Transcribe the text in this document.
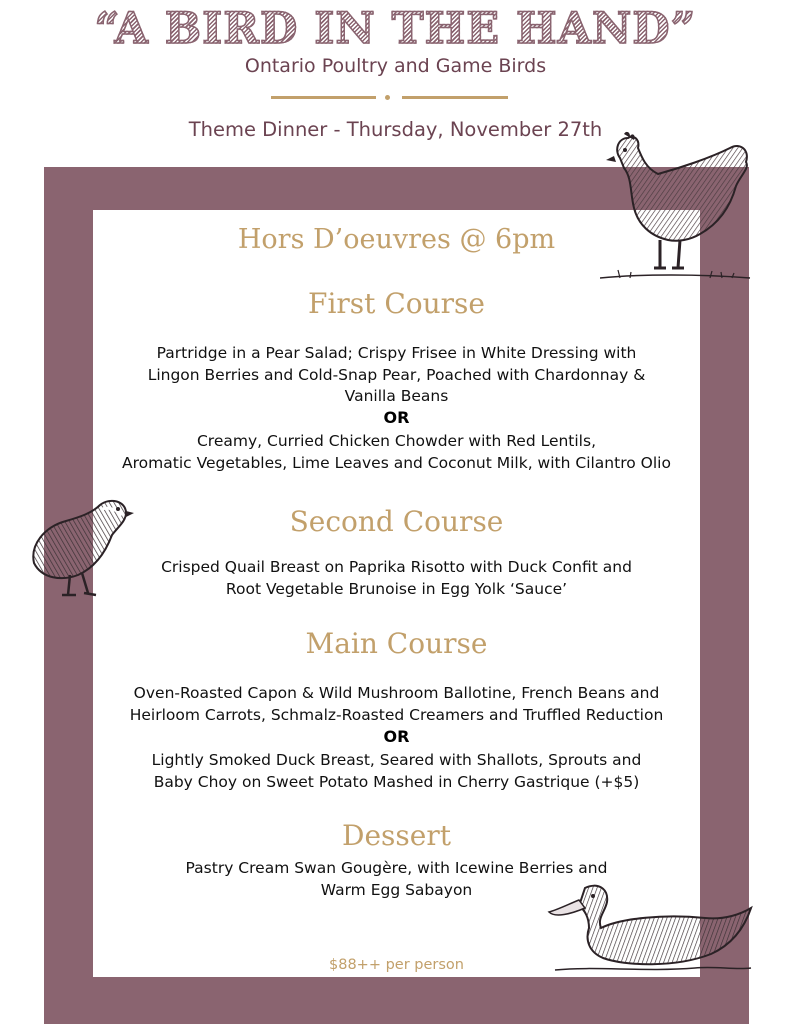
“A BIRD IN THE HAND”
Ontario Poultry and Game Birds
Theme Dinner - Thursday, November 27th
Hors D’oeuvres @ 6pm
First Course
Partridge in a Pear Salad; Crispy Frisee in White Dressing with
Lingon Berries and Cold-Snap Pear, Poached with Chardonnay &
Vanilla Beans
OR
Creamy, Curried Chicken Chowder with Red Lentils,
Aromatic Vegetables, Lime Leaves and Coconut Milk, with Cilantro Olio
Second Course
Crisped Quail Breast on Paprika Risotto with Duck Confit and
Root Vegetable Brunoise in Egg Yolk ‘Sauce’
Main Course
Oven-Roasted Capon & Wild Mushroom Ballotine, French Beans and
Heirloom Carrots, Schmalz-Roasted Creamers and Truffled Reduction
OR
Lightly Smoked Duck Breast, Seared with Shallots, Sprouts and
Baby Choy on Sweet Potato Mashed in Cherry Gastrique (+$5)
Dessert
Pastry Cream Swan Gougère, with Icewine Berries and
Warm Egg Sabayon
$88++ per person
